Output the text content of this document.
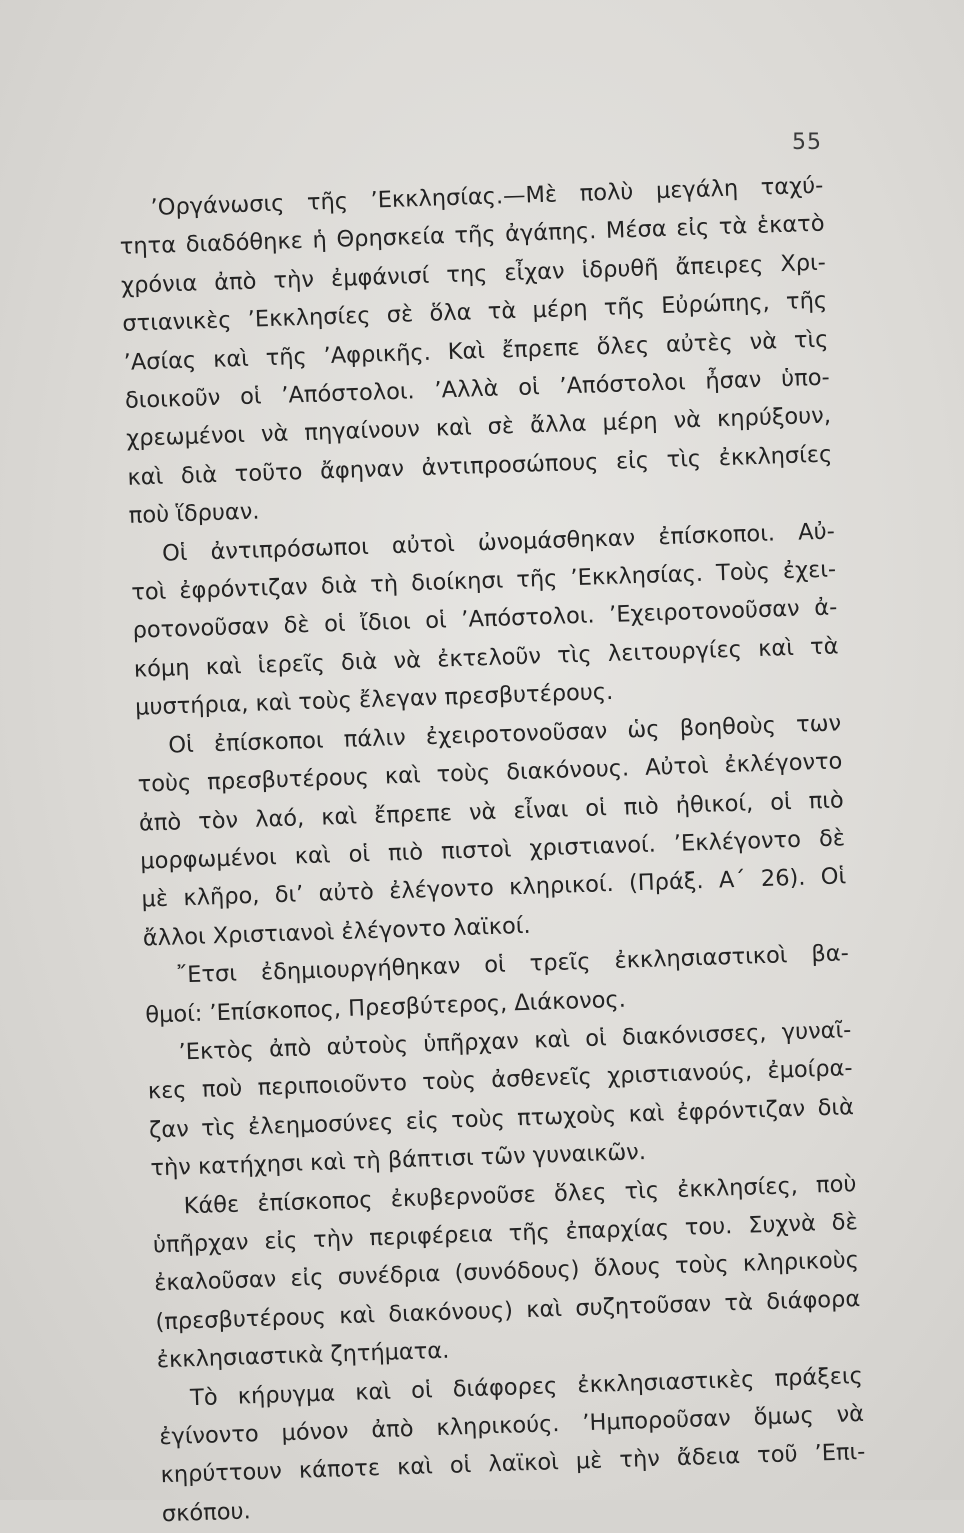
55
’Οργάνωσις τῆς ’Εκκλησίας.—Μὲ πολὺ μεγάλη ταχύ-
τητα διαδόθηκε ἡ Θρησκεία τῆς ἀγάπης. Μέσα εἰς τὰ ἑκατὸ
χρόνια ἀπὸ τὴν ἐμφάνισί της εἶχαν ἱδρυθῆ ἄπειρες Χρι-
στιανικὲς ’Εκκλησίες σὲ ὅλα τὰ μέρη τῆς Εὐρώπης, τῆς
’Ασίας καὶ τῆς ’Αφρικῆς. Καὶ ἔπρεπε ὅλες αὐτὲς νὰ τὶς
διοικοῦν οἱ ’Απόστολοι. ’Αλλὰ οἱ ’Απόστολοι ἦσαν ὑπο-
χρεωμένοι νὰ πηγαίνουν καὶ σὲ ἄλλα μέρη νὰ κηρύξουν,
καὶ διὰ τοῦτο ἄφηναν ἀντιπροσώπους εἰς τὶς ἐκκλησίες
ποὺ ἵδρυαν.
Οἱ ἀντιπρόσωποι αὐτοὶ ὠνομάσθηκαν ἐπίσκοποι. Αὐ-
τοὶ ἐφρόντιζαν διὰ τὴ διοίκησι τῆς ’Εκκλησίας. Τοὺς ἐχει-
ροτονοῦσαν δὲ οἱ ἴδιοι οἱ ’Απόστολοι. ’Εχειροτονοῦσαν ἀ-
κόμη καὶ ἱερεῖς διὰ νὰ ἐκτελοῦν τὶς λειτουργίες καὶ τὰ
μυστήρια, καὶ τοὺς ἔλεγαν πρεσβυτέρους.
Οἱ ἐπίσκοποι πάλιν ἐχειροτονοῦσαν ὡς βοηθοὺς των
τοὺς πρεσβυτέρους καὶ τοὺς διακόνους. Αὐτοὶ ἐκλέγοντο
ἀπὸ τὸν λαό, καὶ ἔπρεπε νὰ εἶναι οἱ πιὸ ἠθικοί, οἱ πιὸ
μορφωμένοι καὶ οἱ πιὸ πιστοὶ χριστιανοί. ’Εκλέγοντο δὲ
μὲ κλῆρο, δι’ αὐτὸ ἐλέγοντο κληρικοί. (Πράξ. Α΄ 26). Οἱ
ἄλλοι Χριστιανοὶ ἐλέγοντο λαϊκοί.
῎Ετσι ἐδημιουργήθηκαν οἱ τρεῖς ἐκκλησιαστικοὶ βα-
θμοί: ’Επίσκοπος, Πρεσβύτερος, Διάκονος.
’Εκτὸς ἀπὸ αὐτοὺς ὑπῆρχαν καὶ οἱ διακόνισσες, γυναῖ-
κες ποὺ περιποιοῦντο τοὺς ἀσθενεῖς χριστιανούς, ἐμοίρα-
ζαν τὶς ἐλεημοσύνες εἰς τοὺς πτωχοὺς καὶ ἐφρόντιζαν διὰ
τὴν κατήχησι καὶ τὴ βάπτισι τῶν γυναικῶν.
Κάθε ἐπίσκοπος ἐκυβερνοῦσε ὅλες τὶς ἐκκλησίες, ποὺ
ὑπῆρχαν εἰς τὴν περιφέρεια τῆς ἐπαρχίας του. Συχνὰ δὲ
ἐκαλοῦσαν εἰς συνέδρια (συνόδους) ὅλους τοὺς κληρικοὺς
(πρεσβυτέρους καὶ διακόνους) καὶ συζητοῦσαν τὰ διάφορα
ἐκκλησιαστικὰ ζητήματα.
Τὸ κήρυγμα καὶ οἱ διάφορες ἐκκλησιαστικὲς πράξεις
ἐγίνοντο μόνον ἀπὸ κληρικούς. ’Ημποροῦσαν ὅμως νὰ
κηρύττουν κάποτε καὶ οἱ λαϊκοὶ μὲ τὴν ἄδεια τοῦ ’Επι-
σκόπου.
